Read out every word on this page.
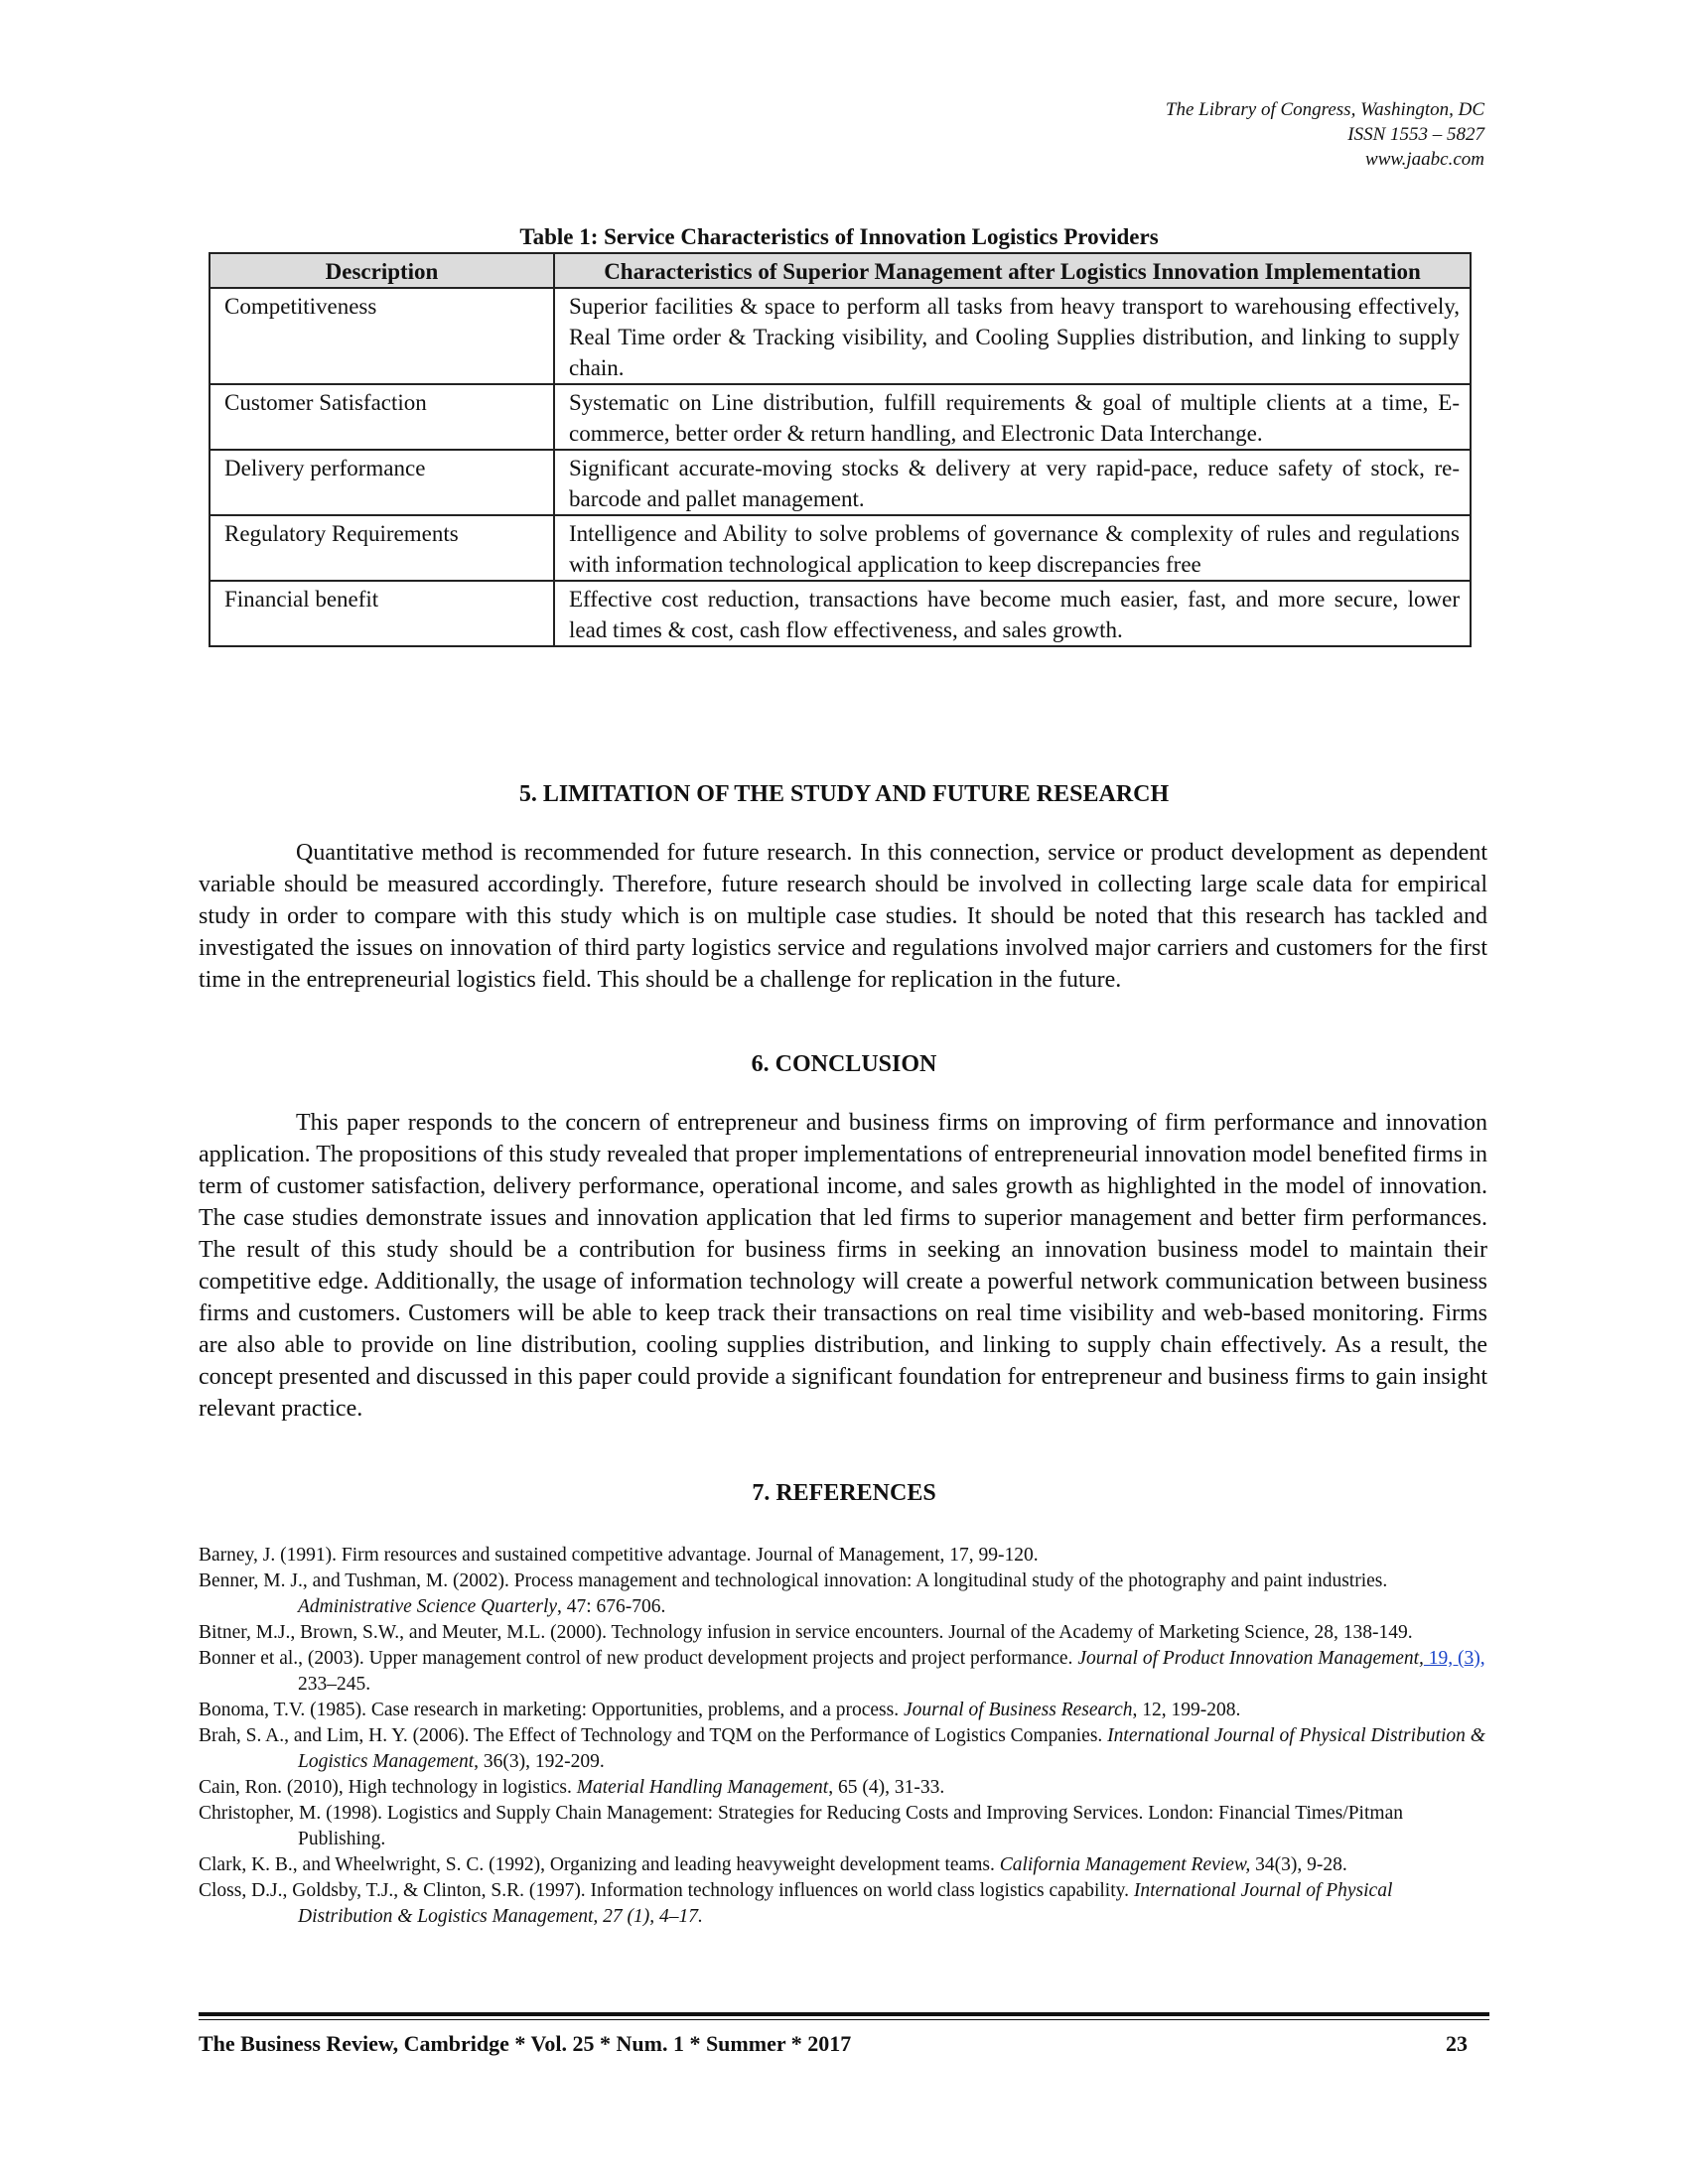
The Library of Congress, Washington, DC
ISSN 1553 – 5827
www.jaabc.com
Table 1: Service Characteristics of Innovation Logistics Providers
Description	Characteristics of Superior Management after Logistics Innovation Implementation
Competitiveness	Superior facilities & space to perform all tasks from heavy transport to warehousing effectively, Real Time order & Tracking visibility, and Cooling Supplies distribution, and linking to supply chain.
Customer Satisfaction	Systematic on Line distribution, fulfill requirements & goal of multiple clients at a time, E-commerce, better order & return handling, and Electronic Data Interchange.
Delivery performance	Significant accurate-moving stocks & delivery at very rapid-pace, reduce safety of stock, re-barcode and pallet management.
Regulatory Requirements	Intelligence and Ability to solve problems of governance & complexity of rules and regulations with information technological application to keep discrepancies free
Financial benefit	Effective cost reduction, transactions have become much easier, fast, and more secure, lower lead times & cost, cash flow effectiveness, and sales growth.
5. LIMITATION OF THE STUDY AND FUTURE RESEARCH
Quantitative method is recommended for future research. In this connection, service or product development as dependent variable should be measured accordingly. Therefore, future research should be involved in collecting large scale data for empirical study in order to compare with this study which is on multiple case studies. It should be noted that this research has tackled and investigated the issues on innovation of third party logistics service and regulations involved major carriers and customers for the first time in the entrepreneurial logistics field. This should be a challenge for replication in the future.
6. CONCLUSION
This paper responds to the concern of entrepreneur and business firms on improving of firm performance and innovation application. The propositions of this study revealed that proper implementations of entrepreneurial innovation model benefited firms in term of customer satisfaction, delivery performance, operational income, and sales growth as highlighted in the model of innovation. The case studies demonstrate issues and innovation application that led firms to superior management and better firm performances. The result of this study should be a contribution for business firms in seeking an innovation business model to maintain their competitive edge. Additionally, the usage of information technology will create a powerful network communication between business firms and customers. Customers will be able to keep track their transactions on real time visibility and web-based monitoring. Firms are also able to provide on line distribution, cooling supplies distribution, and linking to supply chain effectively. As a result, the concept presented and discussed in this paper could provide a significant foundation for entrepreneur and business firms to gain insight relevant practice.
7. REFERENCES
Barney, J. (1991). Firm resources and sustained competitive advantage. Journal of Management, 17, 99-120.
Benner, M. J., and Tushman, M. (2002). Process management and technological innovation: A longitudinal study of the photography and paint industries. Administrative Science Quarterly, 47: 676-706.
Bitner, M.J., Brown, S.W., and Meuter, M.L. (2000). Technology infusion in service encounters. Journal of the Academy of Marketing Science, 28, 138-149.
Bonner et al., (2003). Upper management control of new product development projects and project performance. Journal of Product Innovation Management, 19, (3), 233–245.
Bonoma, T.V. (1985). Case research in marketing: Opportunities, problems, and a process. Journal of Business Research, 12, 199-208.
Brah, S. A., and Lim, H. Y. (2006). The Effect of Technology and TQM on the Performance of Logistics Companies. International Journal of Physical Distribution & Logistics Management, 36(3), 192-209.
Cain, Ron. (2010), High technology in logistics. Material Handling Management, 65 (4), 31-33.
Christopher, M. (1998). Logistics and Supply Chain Management: Strategies for Reducing Costs and Improving Services. London: Financial Times/Pitman Publishing.
Clark, K. B., and Wheelwright, S. C. (1992), Organizing and leading heavyweight development teams. California Management Review, 34(3), 9-28.
Closs, D.J., Goldsby, T.J., & Clinton, S.R. (1997). Information technology influences on world class logistics capability. International Journal of Physical Distribution & Logistics Management, 27 (1), 4–17.
The Business Review, Cambridge * Vol. 25 * Num. 1 * Summer * 2017	23
